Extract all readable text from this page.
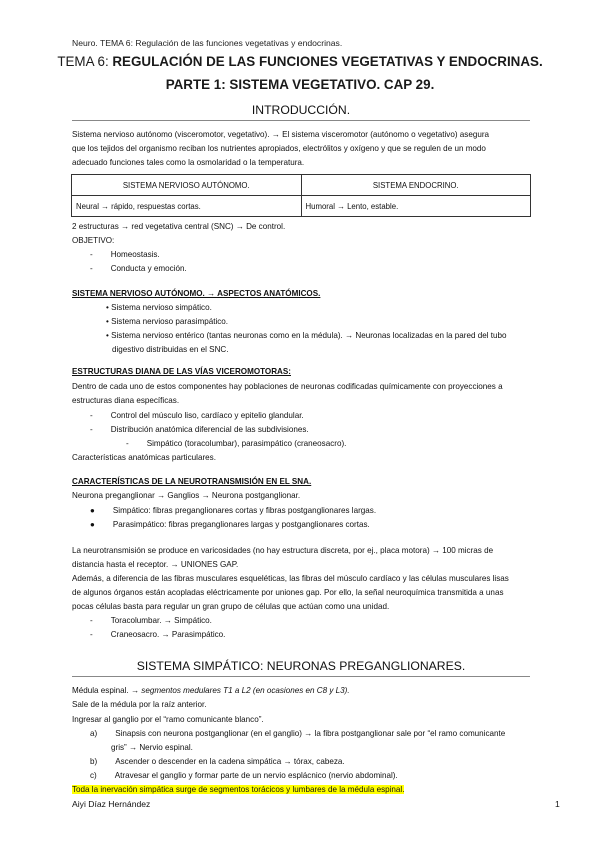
Neuro. TEMA 6: Regulación de las funciones vegetativas y endocrinas.
TEMA 6: REGULACIÓN DE LAS FUNCIONES VEGETATIVAS Y ENDOCRINAS.
PARTE 1: SISTEMA VEGETATIVO. CAP 29.
INTRODUCCIÓN.
Sistema nervioso autónomo (visceromotor, vegetativo). → El sistema visceromotor (autónomo o vegetativo) asegura
que los tejidos del organismo reciban los nutrientes apropiados, electrólitos y oxígeno y que se regulen de un modo
adecuado funciones tales como la osmolaridad o la temperatura.
SISTEMA NERVIOSO AUTÓNOMO.	SISTEMA ENDOCRINO.
Neural → rápido, respuestas cortas.	Humoral → Lento, estable.
2 estructuras → red vegetativa central (SNC) → De control.
OBJETIVO:
- Homeostasis.
- Conducta y emoción.
SISTEMA NERVIOSO AUTÓNOMO. → ASPECTOS ANATÓMICOS.
• Sistema nervioso simpático.
• Sistema nervioso parasimpático.
• Sistema nervioso entérico (tantas neuronas como en la médula). → Neuronas localizadas en la pared del tubo
digestivo distribuidas en el SNC.
ESTRUCTURAS DIANA DE LAS VÍAS VICEROMOTORAS:
Dentro de cada uno de estos componentes hay poblaciones de neuronas codificadas químicamente con proyecciones a
estructuras diana específicas.
- Control del músculo liso, cardíaco y epitelio glandular.
- Distribución anatómica diferencial de las subdivisiones.
- Simpático (toracolumbar), parasimpático (craneosacro).
Características anatómicas particulares.
CARACTERÍSTICAS DE LA NEUROTRANSMISIÓN EN EL SNA.
Neurona preganglionar → Ganglios → Neurona postganglionar.
● Simpático: fibras preganglionares cortas y fibras postganglionares largas.
● Parasimpático: fibras preganglionares largas y postganglionares cortas.
La neurotransmisión se produce en varicosidades (no hay estructura discreta, por ej., placa motora) → 100 micras de
distancia hasta el receptor. → UNIONES GAP.
Además, a diferencia de las fibras musculares esqueléticas, las fibras del músculo cardíaco y las células musculares lisas
de algunos órganos están acopladas eléctricamente por uniones gap. Por ello, la señal neuroquímica transmitida a unas
pocas células basta para regular un gran grupo de células que actúan como una unidad.
- Toracolumbar. → Simpático.
- Craneosacro. → Parasimpático.
SISTEMA SIMPÁTICO: NEURONAS PREGANGLIONARES.
Médula espinal. → segmentos medulares T1 a L2 (en ocasiones en C8 y L3).
Sale de la médula por la raíz anterior.
Ingresar al ganglio por el “ramo comunicante blanco”.
a) Sinapsis con neurona postganglionar (en el ganglio) → la fibra postganglionar sale por “el ramo comunicante
gris” → Nervio espinal.
b) Ascender o descender en la cadena simpática → tórax, cabeza.
c) Atravesar el ganglio y formar parte de un nervio esplácnico (nervio abdominal).
Toda la inervación simpática surge de segmentos torácicos y lumbares de la médula espinal.
Aiyi Díaz Hernández	1
